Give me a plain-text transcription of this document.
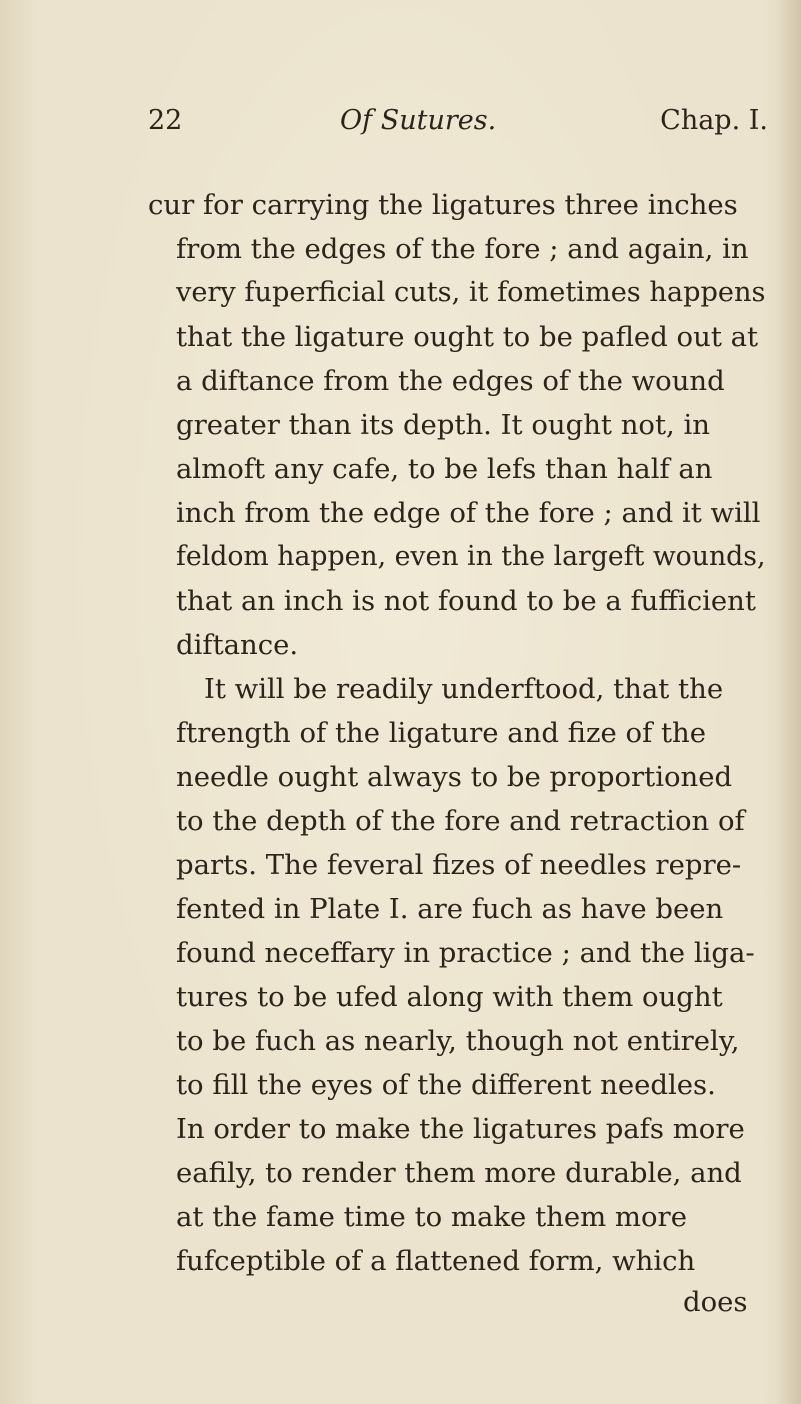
22	Of Sutures.	Chap. I.
cur for carrying the ligatures three inches
from the edges of the fore ; and again, in
very fuperficial cuts, it fometimes happens
that the ligature ought to be pafled out at
a diftance from the edges of the wound
greater than its depth. It ought not, in
almoft any cafe, to be lefs than half an
inch from the edge of the fore ; and it will
feldom happen, even in the largeft wounds,
that an inch is not found to be a fufficient
diftance.
It will be readily underftood, that the
ftrength of the ligature and fize of the
needle ought always to be proportioned
to the depth of the fore and retraction of
parts. The feveral fizes of needles repre-
fented in Plate I. are fuch as have been
found neceffary in practice ; and the liga-
tures to be ufed along with them ought
to be fuch as nearly, though not entirely,
to fill the eyes of the different needles.
In order to make the ligatures pafs more
eafily, to render them more durable, and
at the fame time to make them more
fufceptible of a flattened form, which
does
